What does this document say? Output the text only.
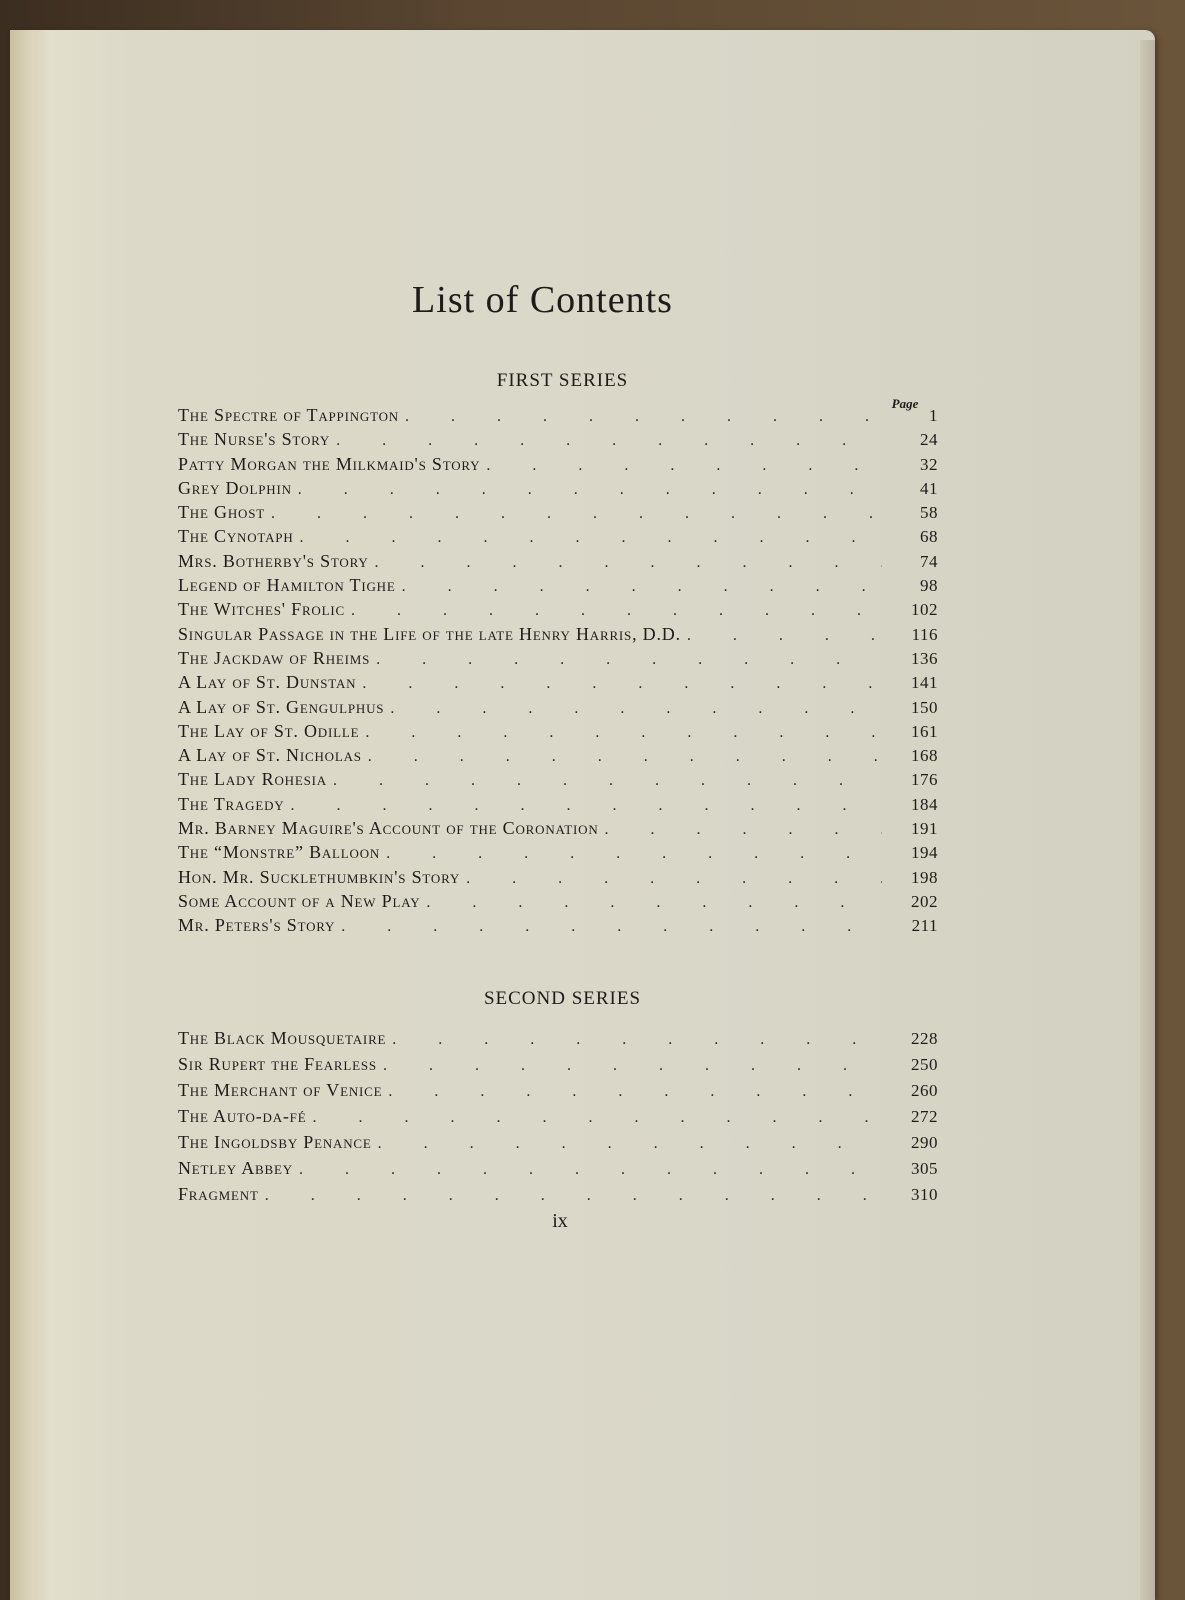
List of Contents
FIRST SERIES
Page
The Spectre of Tappington . . .	1
The Nurse's Story . . .	24
Patty Morgan the Milkmaid's Story . . .	32
Grey Dolphin . . .	41
The Ghost . . .	58
The Cynotaph . . .	68
Mrs. Botherby's Story . . .	74
Legend of Hamilton Tighe . . .	98
The Witches' Frolic . . .	102
Singular Passage in the Life of the late Henry Harris, D.D. . . .	116
The Jackdaw of Rheims . . .	136
A Lay of St. Dunstan . . .	141
A Lay of St. Gengulphus . . .	150
The Lay of St. Odille . . .	161
A Lay of St. Nicholas . . .	168
The Lady Rohesia . . .	176
The Tragedy . . .	184
Mr. Barney Maguire's Account of the Coronation . . .	191
The “Monstre” Balloon . . .	194
Hon. Mr. Sucklethumbkin's Story . . .	198
Some Account of a New Play . . .	202
Mr. Peters's Story . . .	211
SECOND SERIES
The Black Mousquetaire . . .	228
Sir Rupert the Fearless . . .	250
The Merchant of Venice . . .	260
The Auto-da-fé . . .	272
The Ingoldsby Penance . . .	290
Netley Abbey . . .	305
Fragment . . .	310
ix
